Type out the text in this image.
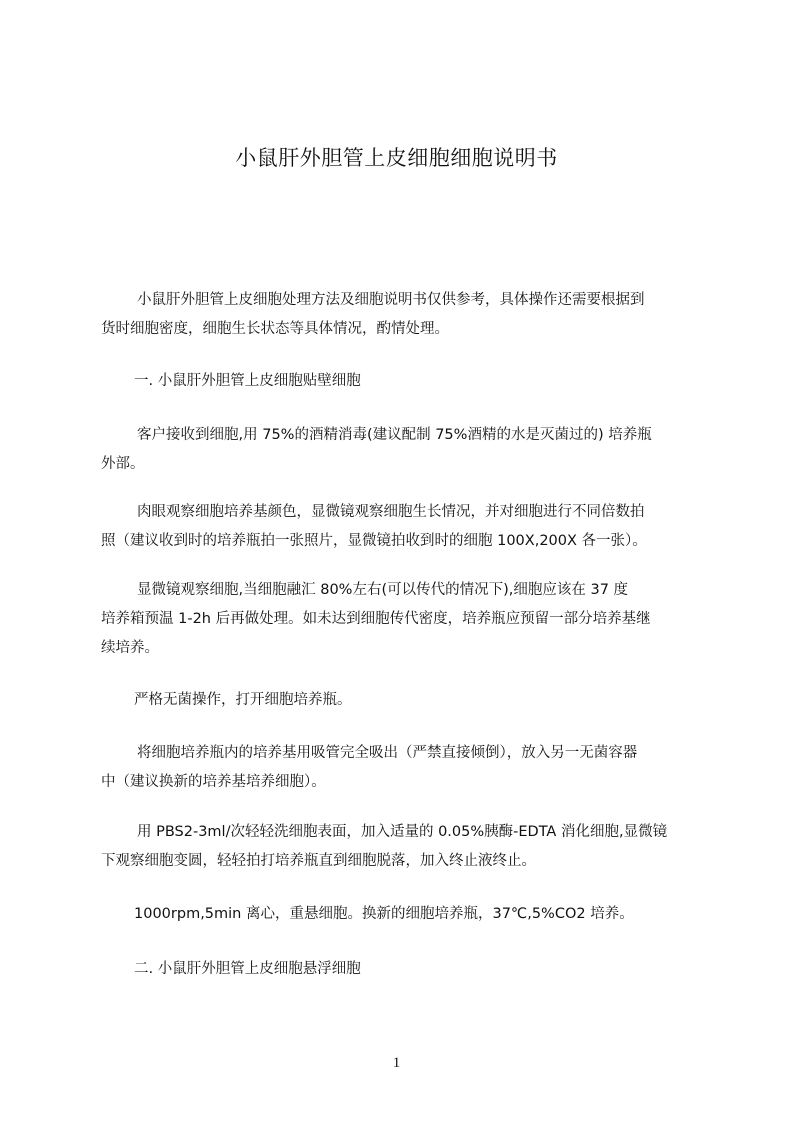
小鼠肝外胆管上皮细胞细胞说明书
小鼠肝外胆管上皮细胞处理方法及细胞说明书仅供参考，具体操作还需要根据到
货时细胞密度，细胞生长状态等具体情况，酌情处理。
一. 小鼠肝外胆管上皮细胞贴壁细胞
客户接收到细胞,用 75%的酒精消毒(建议配制 75%酒精的水是灭菌过的) 培养瓶
外部。
肉眼观察细胞培养基颜色，显微镜观察细胞生长情况，并对细胞进行不同倍数拍
照（建议收到时的培养瓶拍一张照片，显微镜拍收到时的细胞 100X,200X 各一张）。
显微镜观察细胞,当细胞融汇 80%左右(可以传代的情况下),细胞应该在 37 度
培养箱预温 1-2h 后再做处理。如未达到细胞传代密度，培养瓶应预留一部分培养基继
续培养。
严格无菌操作，打开细胞培养瓶。
将细胞培养瓶内的培养基用吸管完全吸出（严禁直接倾倒），放入另一无菌容器
中（建议换新的培养基培养细胞）。
用 PBS2-3ml/次轻轻洗细胞表面，加入适量的 0.05%胰酶-EDTA 消化细胞,显微镜
下观察细胞变圆，轻轻拍打培养瓶直到细胞脱落，加入终止液终止。
1000rpm,5min 离心，重悬细胞。换新的细胞培养瓶，37℃,5%CO2 培养。
二. 小鼠肝外胆管上皮细胞悬浮细胞
1
